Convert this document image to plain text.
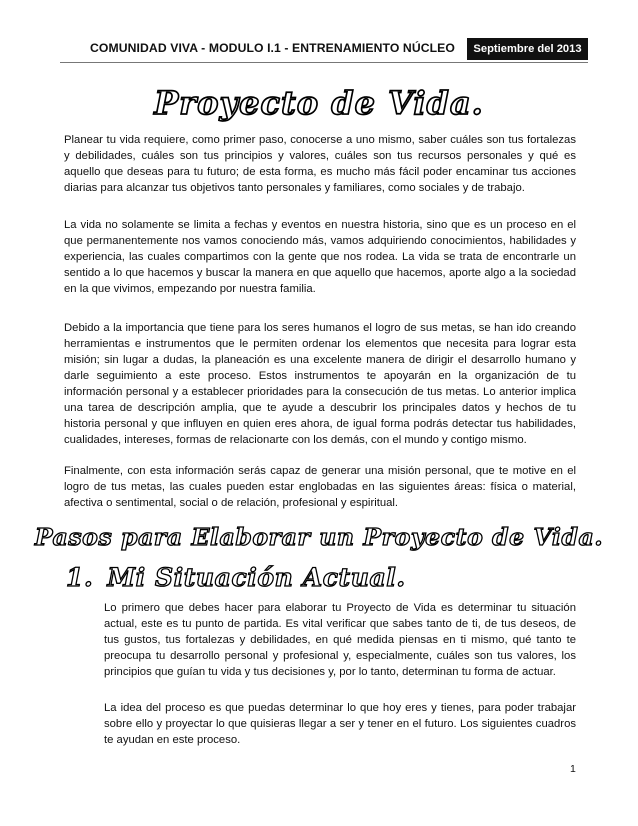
COMUNIDAD VIVA - MODULO I.1 - ENTRENAMIENTO NÚCLEO	Septiembre del 2013
Proyecto de Vida.

Planear tu vida requiere, como primer paso, conocerse a uno mismo, saber cuáles son tus fortalezas y debilidades, cuáles son tus principios y valores, cuáles son tus recursos personales y qué es aquello que deseas para tu futuro; de esta forma, es mucho más fácil poder encaminar tus acciones diarias para alcanzar tus objetivos tanto personales y familiares, como sociales y de trabajo.

La vida no solamente se limita a fechas y eventos en nuestra historia, sino que es un proceso en el que permanentemente nos vamos conociendo más, vamos adquiriendo conocimientos, habilidades y experiencia, las cuales compartimos con la gente que nos rodea. La vida se trata de encontrarle un sentido a lo que hacemos y buscar la manera en que aquello que hacemos, aporte algo a la sociedad en la que vivimos, empezando por nuestra familia.

Debido a la importancia que tiene para los seres humanos el logro de sus metas, se han ido creando herramientas e instrumentos que le permiten ordenar los elementos que necesita para lograr esta misión; sin lugar a dudas, la planeación es una excelente manera de dirigir el desarrollo humano y darle seguimiento a este proceso. Estos instrumentos te apoyarán en la organización de tu información personal y a establecer prioridades para la consecución de tus metas. Lo anterior implica una tarea de descripción amplia, que te ayude a descubrir los principales datos y hechos de tu historia personal y que influyen en quien eres ahora, de igual forma podrás detectar tus habilidades, cualidades, intereses, formas de relacionarte con los demás, con el mundo y contigo mismo.

Finalmente, con esta información serás capaz de generar una misión personal, que te motive en el logro de tus metas, las cuales pueden estar englobadas en las siguientes áreas: física o material, afectiva o sentimental, social o de relación, profesional y espiritual.

Pasos para Elaborar un Proyecto de Vida.
1. Mi Situación Actual.

Lo primero que debes hacer para elaborar tu Proyecto de Vida es determinar tu situación actual, este es tu punto de partida. Es vital verificar que sabes tanto de ti, de tus deseos, de tus gustos, tus fortalezas y debilidades, en qué medida piensas en ti mismo, qué tanto te preocupa tu desarrollo personal y profesional y, especialmente, cuáles son tus valores, los principios que guían tu vida y tus decisiones y, por lo tanto, determinan tu forma de actuar.

La idea del proceso es que puedas determinar lo que hoy eres y tienes, para poder trabajar sobre ello y proyectar lo que quisieras llegar a ser y tener en el futuro. Los siguientes cuadros te ayudan en este proceso.

1
